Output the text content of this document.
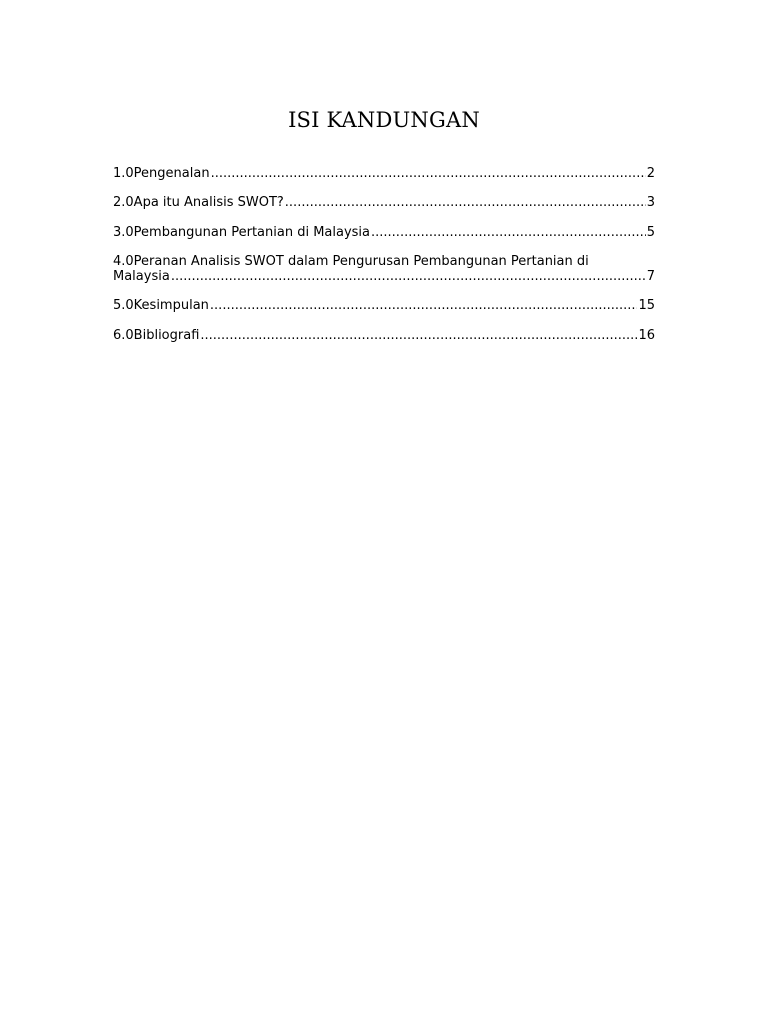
ISI KANDUNGAN
1.0Pengenalan .....	2
2.0Apa itu Analisis SWOT? .....	3
3.0Pembangunan Pertanian di Malaysia .....	5
4.0Peranan Analisis SWOT dalam Pengurusan Pembangunan Pertanian di
Malaysia .....	7
5.0Kesimpulan .....	15
6.0Bibliografi .....	16
